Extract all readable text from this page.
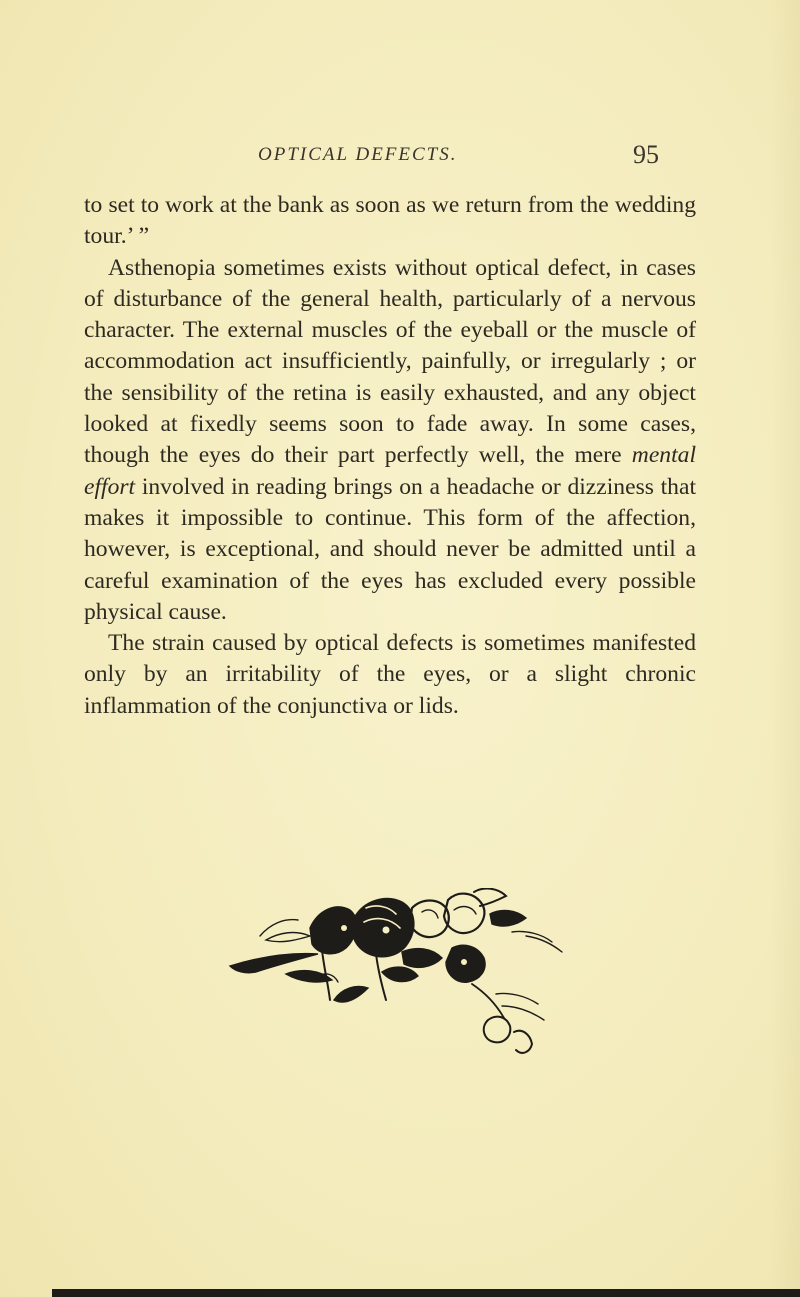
OPTICAL DEFECTS.	95

to set to work at the bank as soon as we return from the wedding tour.’ ”

Asthenopia sometimes exists without optical defect, in cases of disturbance of the general health, particularly of a nervous character. The external muscles of the eyeball or the muscle of accommodation act insufficiently, painfully, or irregularly ; or the sensibility of the retina is easily exhausted, and any object looked at fixedly seems soon to fade away. In some cases, though the eyes do their part perfectly well, the mere mental effort involved in reading brings on a headache or dizziness that makes it impossible to continue. This form of the affection, however, is exceptional, and should never be admitted until a careful examination of the eyes has excluded every possible physical cause.

The strain caused by optical defects is sometimes manifested only by an irritability of the eyes, or a slight chronic inflammation of the conjunctiva or lids.
